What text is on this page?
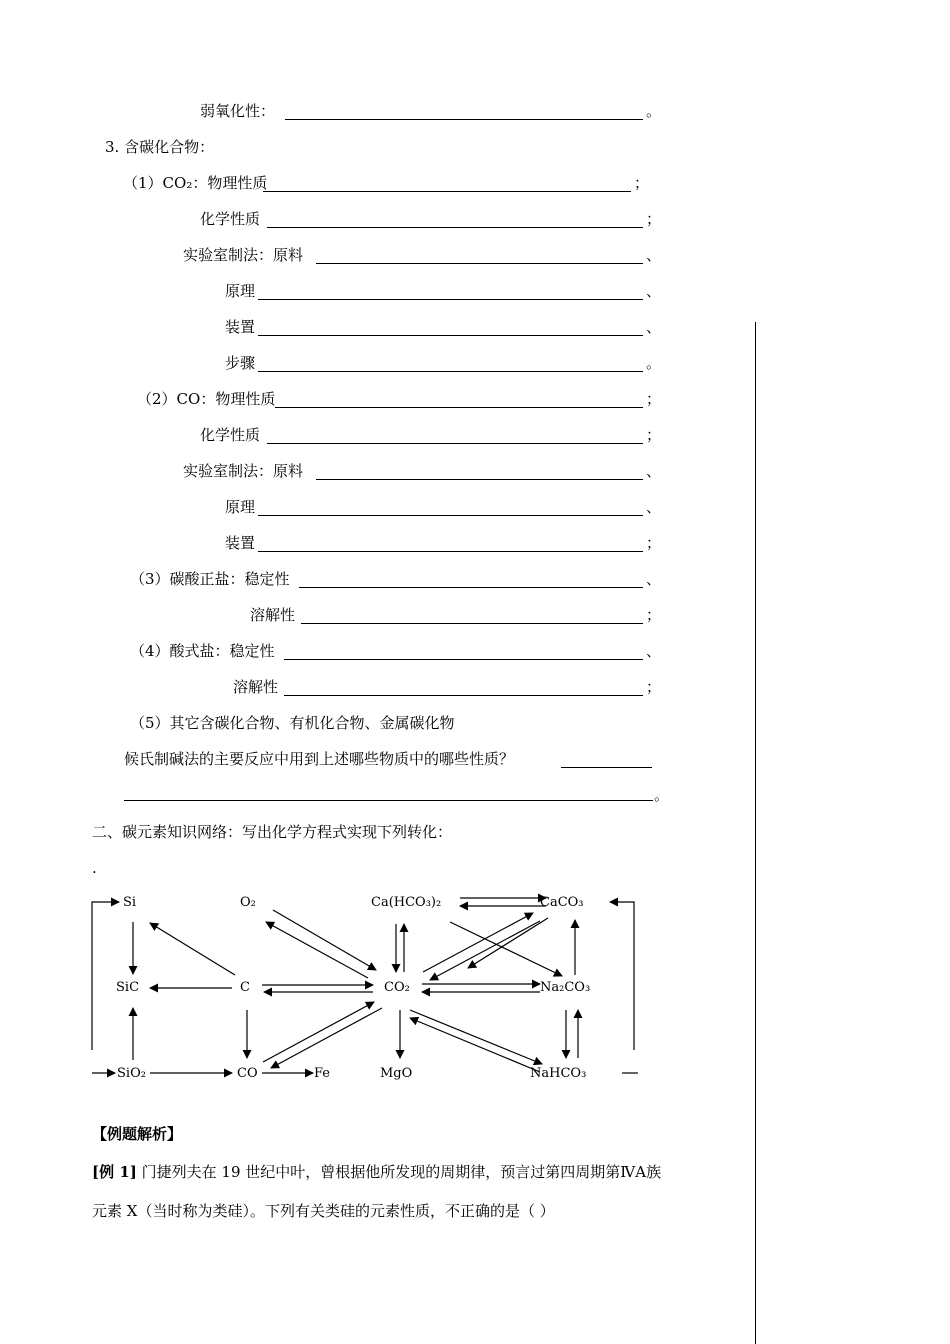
弱氧化性：	。
3. 含碳化合物：
（1）CO₂：物理性质	；
化学性质	；
实验室制法：原料	、
原理	、
装置	、
步骤	。
（2）CO：物理性质	；
化学性质	；
实验室制法：原料	、
原理	、
装置	；
（3）碳酸正盐：稳定性	、
溶解性	；
（4）酸式盐：稳定性	、
溶解性	；
（5）其它含碳化合物、有机化合物、金属碳化物
候氏制碱法的主要反应中用到上述哪些物质中的哪些性质？
。
二、碳元素知识网络：写出化学方程式实现下列转化：
.
Si	O₂	Ca(HCO₃)₂	CaCO₃
SiC	C	CO₂	Na₂CO₃
SiO₂	CO	Fe	MgO	NaHCO₃
【例题解析】
[例 1] 门捷列夫在 19 世纪中叶，曾根据他所发现的周期律，预言过第四周期第ⅣA族
元素 X（当时称为类硅）。下列有关类硅的元素性质，不正确的是（ ）
